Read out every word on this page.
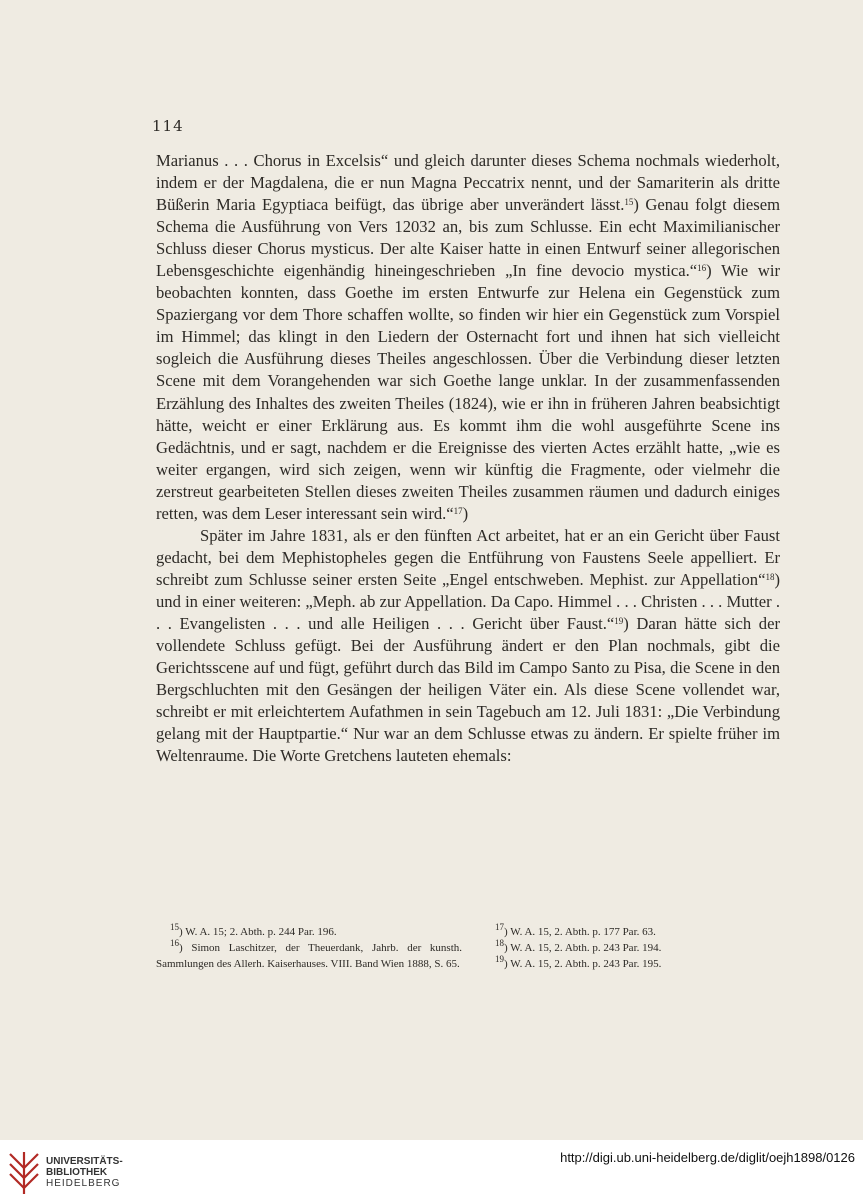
114

Marianus . . . Chorus in Excelsis“ und gleich darunter dieses Schema nochmals wiederholt, indem er der Magdalena, die er nun Magna Peccatrix nennt, und der Samariterin als dritte Büßerin Maria Egyptiaca beifügt, das übrige aber unverändert lässt.$^{15}$) Genau folgt diesem Schema die Ausführung von Vers 12032 an, bis zum Schlusse. Ein echt Maximilianischer Schluss dieser Chorus mysticus. Der alte Kaiser hatte in einen Entwurf seiner allegorischen Lebensgeschichte eigenhändig hineingeschrieben „In fine devocio mystica.“$^{16}$) Wie wir beobachten konnten, dass Goethe im ersten Entwurfe zur Helena ein Gegenstück zum Spaziergang vor dem Thore schaffen wollte, so finden wir hier ein Gegenstück zum Vorspiel im Himmel; das klingt in den Liedern der Osternacht fort und ihnen hat sich vielleicht sogleich die Ausführung dieses Theiles angeschlossen. Über die Verbindung dieser letzten Scene mit dem Vorangehenden war sich Goethe lange unklar. In der zusammenfassenden Erzählung des Inhaltes des zweiten Theiles (1824), wie er ihn in früheren Jahren beabsichtigt hätte, weicht er einer Erklärung aus. Es kommt ihm die wohl ausgeführte Scene ins Gedächtnis, und er sagt, nachdem er die Ereignisse des vierten Actes erzählt hatte, „wie es weiter ergangen, wird sich zeigen, wenn wir künftig die Fragmente, oder vielmehr die zerstreut gearbeiteten Stellen dieses zweiten Theiles zusammen räumen und dadurch einiges retten, was dem Leser interessant sein wird.“$^{17}$)

Später im Jahre 1831, als er den fünften Act arbeitet, hat er an ein Gericht über Faust gedacht, bei dem Mephistopheles gegen die Entführung von Faustens Seele appelliert. Er schreibt zum Schlusse seiner ersten Seite „Engel entschweben. Mephist. zur Appellation“$^{18}$) und in einer weiteren: „Meph. ab zur Appellation. Da Capo. Himmel . . . Christen . . . Mutter . . . Evangelisten . . . und alle Heiligen . . . Gericht über Faust.“$^{19}$) Daran hätte sich der vollendete Schluss gefügt. Bei der Ausführung ändert er den Plan nochmals, gibt die Gerichtsscene auf und fügt, geführt durch das Bild im Campo Santo zu Pisa, die Scene in den Bergschluchten mit den Gesängen der heiligen Väter ein. Als diese Scene vollendet war, schreibt er mit erleichtertem Aufathmen in sein Tagebuch am 12. Juli 1831: „Die Verbindung gelang mit der Hauptpartie.“ Nur war an dem Schlusse etwas zu ändern. Er spielte früher im Weltenraume. Die Worte Gretchens lauteten ehemals:

$^{15}$) W. A. 15; 2. Abth. p. 244 Par. 196.

$^{16}$) Simon Laschitzer, der Theuerdank, Jahrb. der kunsth. Sammlungen des Allerh. Kaiserhauses. VIII. Band Wien 1888, S. 65.

$^{17}$) W. A. 15, 2. Abth. p. 177 Par. 63.

$^{18}$) W. A. 15, 2. Abth. p. 243 Par. 194.

$^{19}$) W. A. 15, 2. Abth. p. 243 Par. 195.

UNIVERSITÄTS-
BIBLIOTHEK
HEIDELBERG
http://digi.ub.uni-heidelberg.de/diglit/oejh1898/0126
